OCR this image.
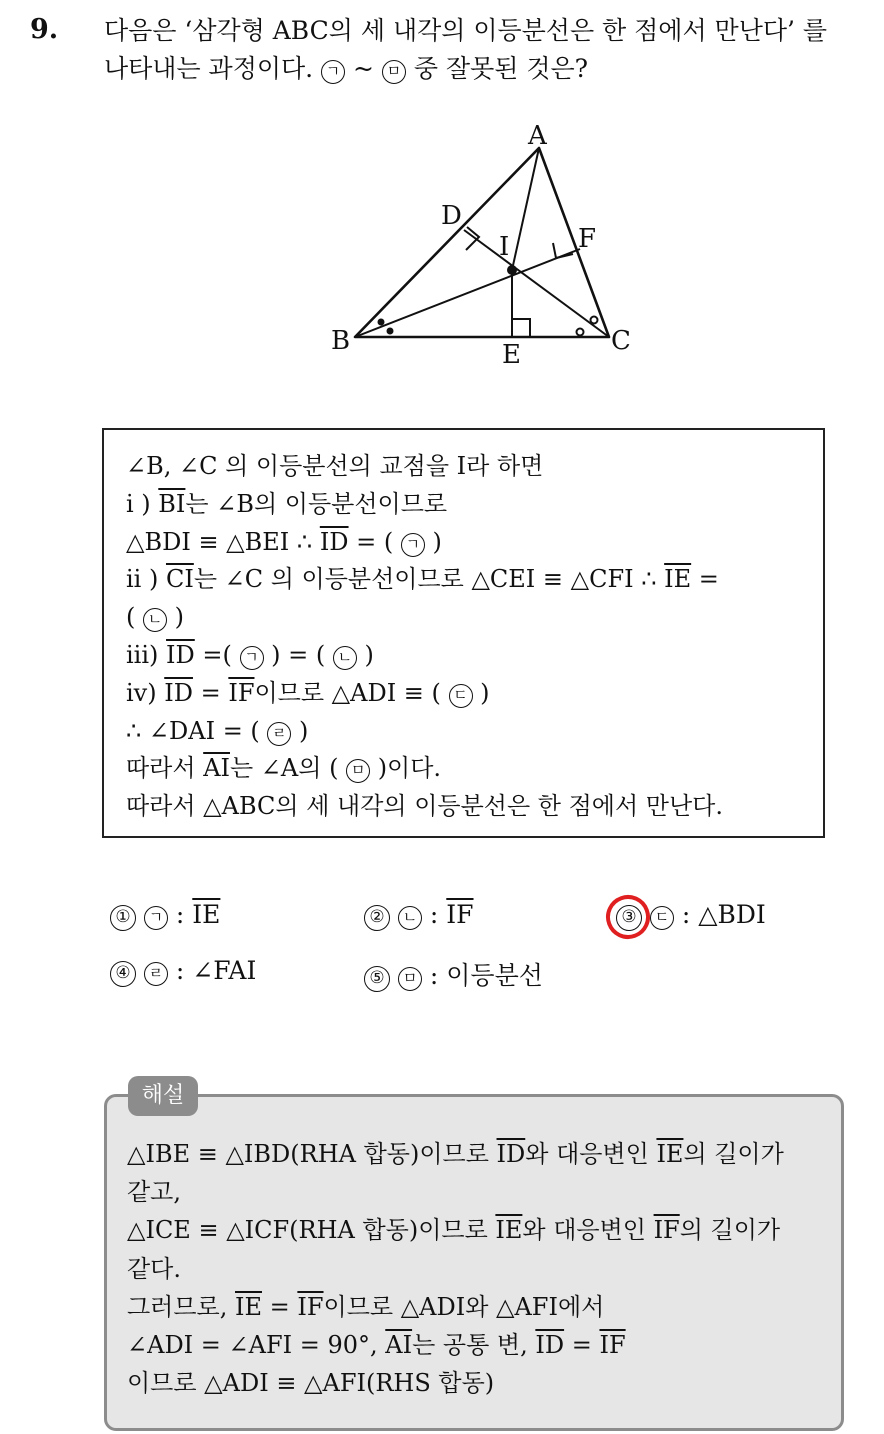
9. 다음은 ‘삼각형 ABC의 세 내각의 이등분선은 한 점에서 만난다’ 를
나타내는 과정이다. ㄱ ~ ㅁ 중 잘못된 것은?
A
B	C
D
E
F
I
∠B, ∠C 의 이등분선의 교점을 I라 하면
i ) $\overline{BI}$는 ∠B의 이등분선이므로
△BDI ≡ △BEI ∴ $\overline{ID}$ = ( ㄱ )
ii ) $\overline{CI}$는 ∠C 의 이등분선이므로 △CEI ≡ △CFI ∴ $\overline{IE}$ =
( ㄴ )
iii) $\overline{ID}$ =( ㄱ ) = ( ㄴ )
iv) $\overline{ID} = \overline{IF}$이므로 △ADI ≡ ( ㄷ )
∴ ∠DAI = ( ㄹ )
따라서 $\overline{AI}$는 ∠A의 ( ㅁ )이다.
따라서 △ABC의 세 내각의 이등분선은 한 점에서 만난다.
① ㄱ : $\overline{IE}$	② ㄴ : $\overline{IF}$	③ ㄷ : △BDI
④ ㄹ : ∠FAI	⑤ ㅁ : 이등분선
△IBE ≡ △IBD(RHA 합동)이므로 $\overline{ID}$와 대응변인 $\overline{IE}$의 길이가
같고,
△ICE ≡ △ICF(RHA 합동)이므로 $\overline{IE}$와 대응변인 $\overline{IF}$의 길이가
같다.
그러므로, $\overline{IE} = \overline{IF}$이므로 △ADI와 △AFI에서
∠ADI = ∠AFI = 90°, $\overline{AI}$는 공통 변, $\overline{ID} = \overline{IF}$
이므로 △ADI ≡ △AFI(RHS 합동)
해설
